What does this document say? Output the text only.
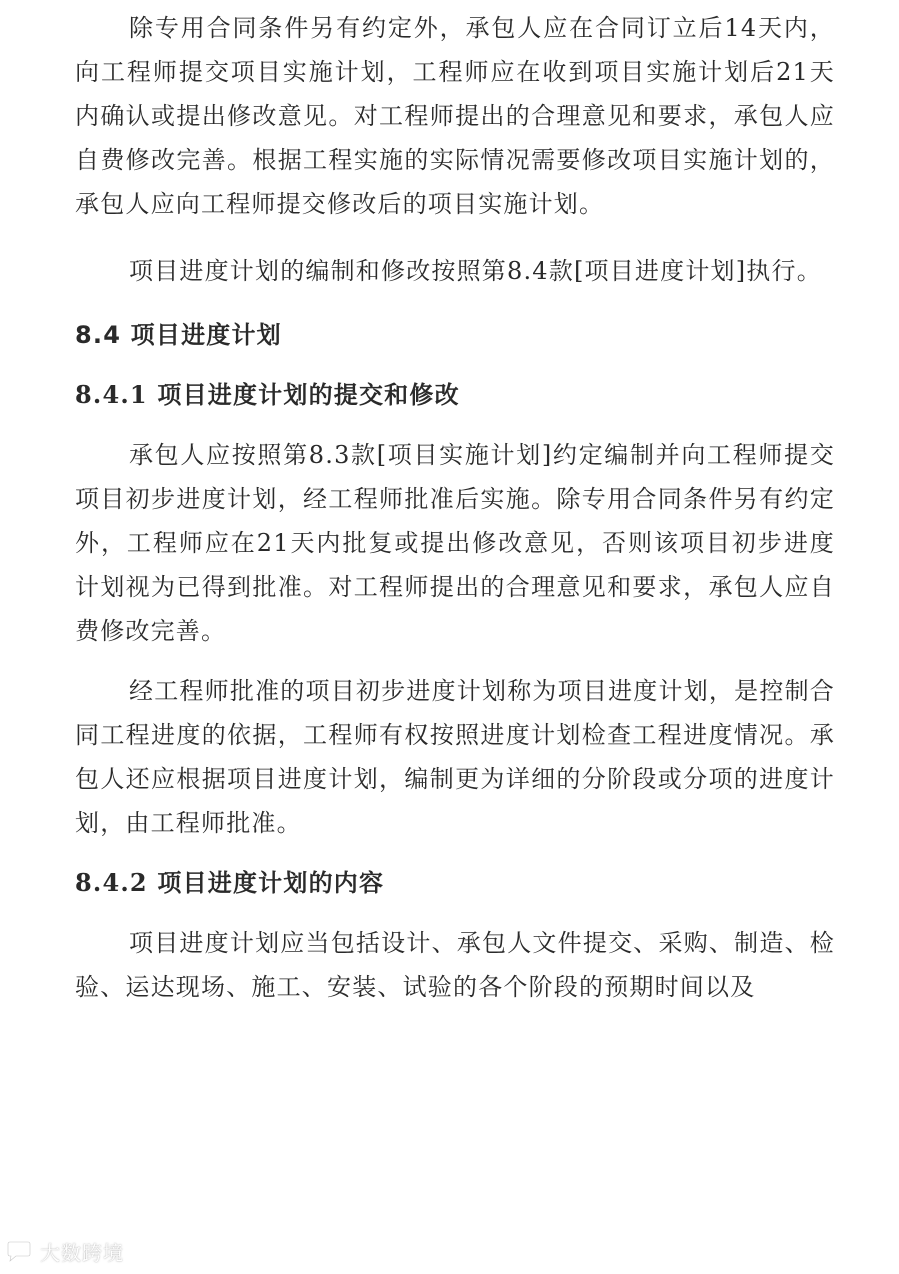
除专用合同条件另有约定外，承包人应在合同订立后14天内，向工程师提交项目实施计划，工程师应在收到项目实施计划后21天内确认或提出修改意见。对工程师提出的合理意见和要求，承包人应自费修改完善。根据工程实施的实际情况需要修改项目实施计划的，承包人应向工程师提交修改后的项目实施计划。

项目进度计划的编制和修改按照第8.4款[项目进度计划]执行。

8.4 项目进度计划
8.4.1 项目进度计划的提交和修改

承包人应按照第8.3款[项目实施计划]约定编制并向工程师提交项目初步进度计划，经工程师批准后实施。除专用合同条件另有约定外，工程师应在21天内批复或提出修改意见，否则该项目初步进度计划视为已得到批准。对工程师提出的合理意见和要求，承包人应自费修改完善。

经工程师批准的项目初步进度计划称为项目进度计划，是控制合同工程进度的依据，工程师有权按照进度计划检查工程进度情况。承包人还应根据项目进度计划，编制更为详细的分阶段或分项的进度计划，由工程师批准。

8.4.2 项目进度计划的内容

项目进度计划应当包括设计、承包人文件提交、采购、制造、检验、运达现场、施工、安装、试验的各个阶段的预期时间以及

大数跨境
